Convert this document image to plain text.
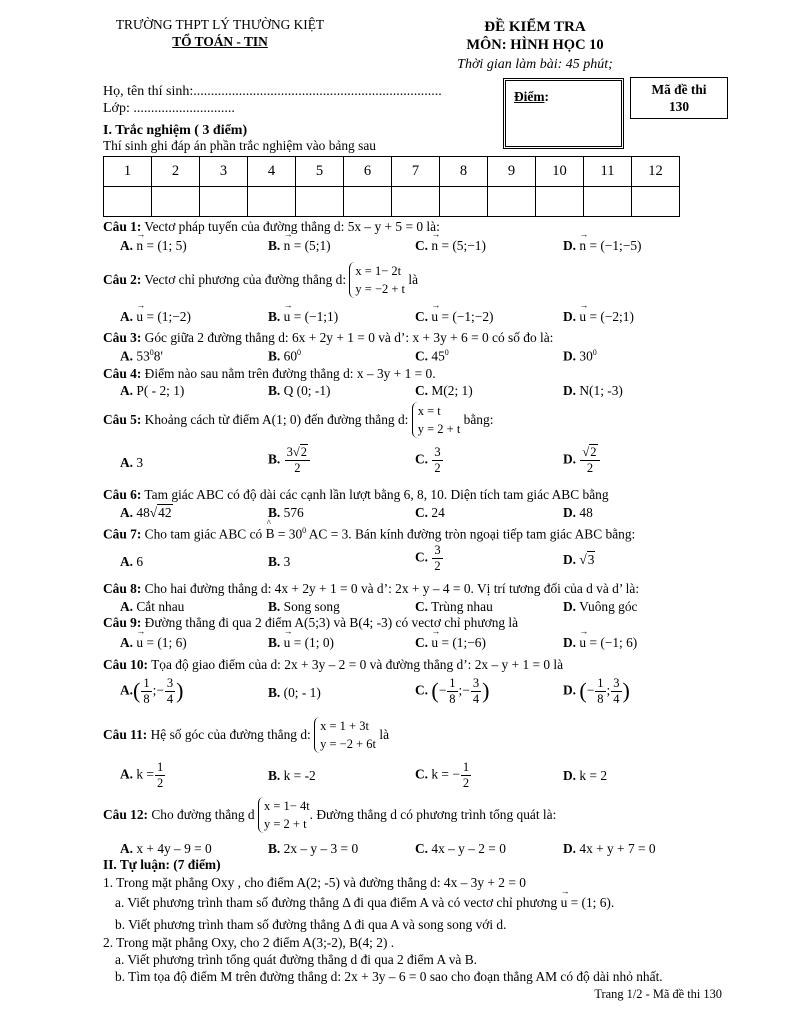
TRƯỜNG THPT LÝ THƯỜNG KIỆT
TỔ TOÁN - TIN
ĐỀ KIỂM TRA
MÔN: HÌNH HỌC 10
Thời gian làm bài: 45 phút;
Họ, tên thí sinh:.......................................................................
Lớp: .............................
Điểm:	Mã đề thi
130
I. Trắc nghiệm ( 3 điểm)
Thí sinh ghi đáp án phần trắc nghiệm vào bảng sau
1	2	3	4	5	6	7	8	9	10	11	12

Câu 1: Vectơ pháp tuyến của đường thẳng d: 5x – y + 5 = 0 là:
A. → n = (1; 5)	B. → n = (5;1)	C. → n = (5;−1)	D. → n = (−1;−5)
Câu 2: Vectơ chỉ phương của đường thẳng d:
x = 1− 2t
y = −2 + t
là
A. → u = (1;−2)	B. → u = (−1;1)	C. → u = (−1;−2)	D. → u = (−2;1)
Câu 3: Góc giữa 2 đường thẳng d: 6x + 2y + 1 = 0 và d’: x + 3y + 6 = 0 có số đo là:
A. $53^08'$	B. $60^0$	C. $45^0$	D. $30^0$
Câu 4: Điểm nào sau nằm trên đường thẳng d: x – 3y + 1 = 0.
A. P( - 2; 1)	B. Q (0; -1)	C. M(2; 1)	D. N(1; -3)
Câu 5: Khoảng cách từ điểm A(1; 0) đến đường thẳng d:
x = t
y = 2 + t
bằng:
A. 3	B. $\frac{3√2}{2}$	C. $\frac{3}{2}$	D. $\frac{√2}{2}$
Câu 6: Tam giác ABC có độ dài các cạnh lần lượt bằng 6, 8, 10. Diện tích tam giác ABC bằng
A. 48√42	B. 576	C. 24	D. 48
Câu 7: Cho tam giác ABC có
^
$B = 30^0$ AC = 3. Bán kính đường tròn ngoại tiếp tam giác ABC bằng:
A. 6	B. 3	C. $\frac{3}{2}$	D. √3
Câu 8: Cho hai đường thẳng d: 4x + 2y + 1 = 0 và d’: 2x + y – 4 = 0. Vị trí tương đối của d và d’ là:
A. Cắt nhau	B. Song song	C. Trùng nhau	D. Vuông góc
Câu 9: Đường thẳng đi qua 2 điểm A(5;3) và B(4; -3) có vectơ chỉ phương là
A. → u = (1; 6)	B. → u = (1; 0)	C. → u = (1;−6)	D. → u = (−1; 6)
Câu 10: Tọa độ giao điểm của d: 2x + 3y – 2 = 0 và đường thẳng d’: 2x – y + 1 = 0 là
$A.( \frac{1}{8}$ ;− $\frac{3}{4}$ )	B. (0; - 1)	C. (− $\frac{1}{8}$ ;− $\frac{3}{4}$ )	D. (− $\frac{1}{8}$ ; $\frac{3}{4}$ )
Câu 11: Hệ số góc của đường thẳng d:
x = 1 + 3t
y = −2 + 6t
là
A. $k = \frac{1}{2}$	B. k = -2	C. k = − $\frac{1}{2}$	D. k = 2
Câu 12: Cho đường thẳng d
x = 1− 4t
y = 2 + t
. Đường thẳng d có phương trình tổng quát là:
A. x + 4y – 9 = 0	B. 2x – y – 3 = 0	C. 4x – y – 2 = 0	D. 4x + y + 7 = 0
II. Tự luận: (7 điểm)
1. Trong mặt phẳng Oxy , cho điểm A(2; -5) và đường thẳng d: 4x – 3y + 2 = 0
a. Viết phương trình tham số đường thẳng Δ đi qua điểm A và có vectơ chỉ phương → u = (1; 6).
b. Viết phương trình tham số đường thẳng Δ đi qua A và song song với d.
2. Trong mặt phẳng Oxy, cho 2 điểm A(3;-2), B(4; 2) .
a. Viết phương trình tổng quát đường thẳng d đi qua 2 điểm A và B.
b. Tìm tọa độ điểm M trên đường thẳng d: 2x + 3y – 6 = 0 sao cho đoạn thẳng AM có độ dài nhỏ nhất.
Trang 1/2 - Mã đề thi 130
